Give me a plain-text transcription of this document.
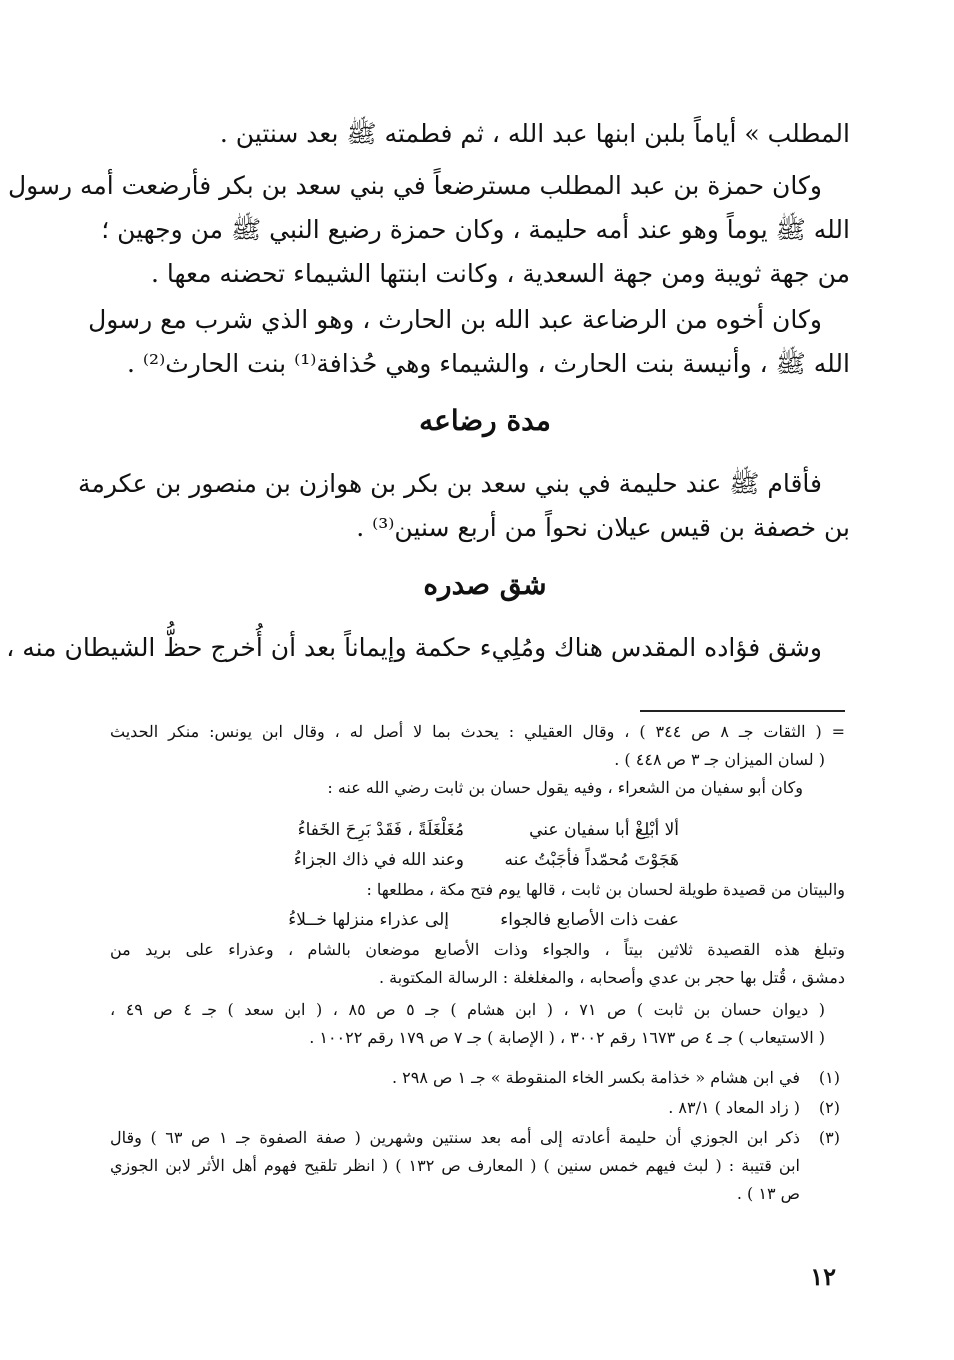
المطلب » أياماً بلبن ابنها عبد الله ، ثم فطمته ﷺ بعد سنتين .
وكان حمزة بن عبد المطلب مسترضعاً في بني سعد بن بكر فأرضعت أمه رسول
الله ﷺ يوماً وهو عند أمه حليمة ، وكان حمزة رضيع النبي ﷺ من وجهين ؛
من جهة ثويبة ومن جهة السعدية ، وكانت ابنتها الشيماء تحضنه معها .
وكان أخوه من الرضاعة عبد الله بن الحارث ، وهو الذي شرب مع رسول
الله ﷺ ، وأنيسة بنت الحارث ، والشيماء وهي حُذافة⁽¹⁾ بنت الحارث⁽²⁾ .
مدة رضاعه
فأقام ﷺ عند حليمة في بني سعد بن بكر بن هوازن بن منصور بن عكرمة
بن خصفة بن قيس عيلان نحواً من أربع سنين⁽³⁾ .
شق صدره
وشق فؤاده المقدس هناك ومُلِيء حكمة وإيماناً بعد أن أُخرج حظُّ الشيطان منه ،
= ( الثقات جـ ٨ ص ٣٤٤ ) ، وقال العقيلي : يحدث بما لا أصل له ، وقال ابن يونس: منكر الحديث
( لسان الميزان جـ ٣ ص ٤٤٨ ) .
وكان أبو سفيان من الشعراء ، وفيه يقول حسان بن ثابت رضي الله عنه :
ألا أبْلِغْ أبا سفيان عني
مُغَلْغَلَةً ، فَقَدْ بَرِحَ الخَفاءُ
هَجَوْتَ مُحمّداً فأجَبْتُ عنه
وعند الله في ذاك الجزاءُ
والبيتان من قصيدة طويلة لحسان بن ثابت ، قالها يوم فتح مكة ، مطلعها :
عفت ذات الأصابع فالجواء
إلى عذراء منزلها خــلاءُ
وتبلغ هذه القصيدة ثلاثين بيتاً ، والجواء وذات الأصابع موضعان بالشام ، وعذراء على بريد من
دمشق ، قُتل بها حجر بن عدي وأصحابه ، والمغلغلة : الرسالة المكتوبة .
( ديوان حسان بن ثابت ) ص ٧١ ، ( ابن هشام ) جـ ٥ ص ٨٥ ، ( ابن سعد ) جـ ٤ ص ٤٩ ،
( الاستيعاب ) جـ ٤ ص ١٦٧٣ رقم ٣٠٠٢ ، ( الإصابة ) جـ ٧ ص ١٧٩ رقم ١٠٠٢٢ .
(١)
في ابن هشام « خذامة بكسر الخاء المنقوطة » جـ ١ ص ٢٩٨ .
(٢)
( زاد المعاد ) ٨٣/١ .
(٣)
ذكر ابن الجوزي أن حليمة أعادته إلى أمه بعد سنتين وشهرين ( صفة الصفوة جـ ١ ص ٦٣ ) وقال
ابن قتيبة : ( لبث فيهم خمس سنين ) ( المعارف ص ١٣٢ ) ( انظر تلقيح فهوم أهل الأثر لابن الجوزي
ص ١٣ ) .
١٢
